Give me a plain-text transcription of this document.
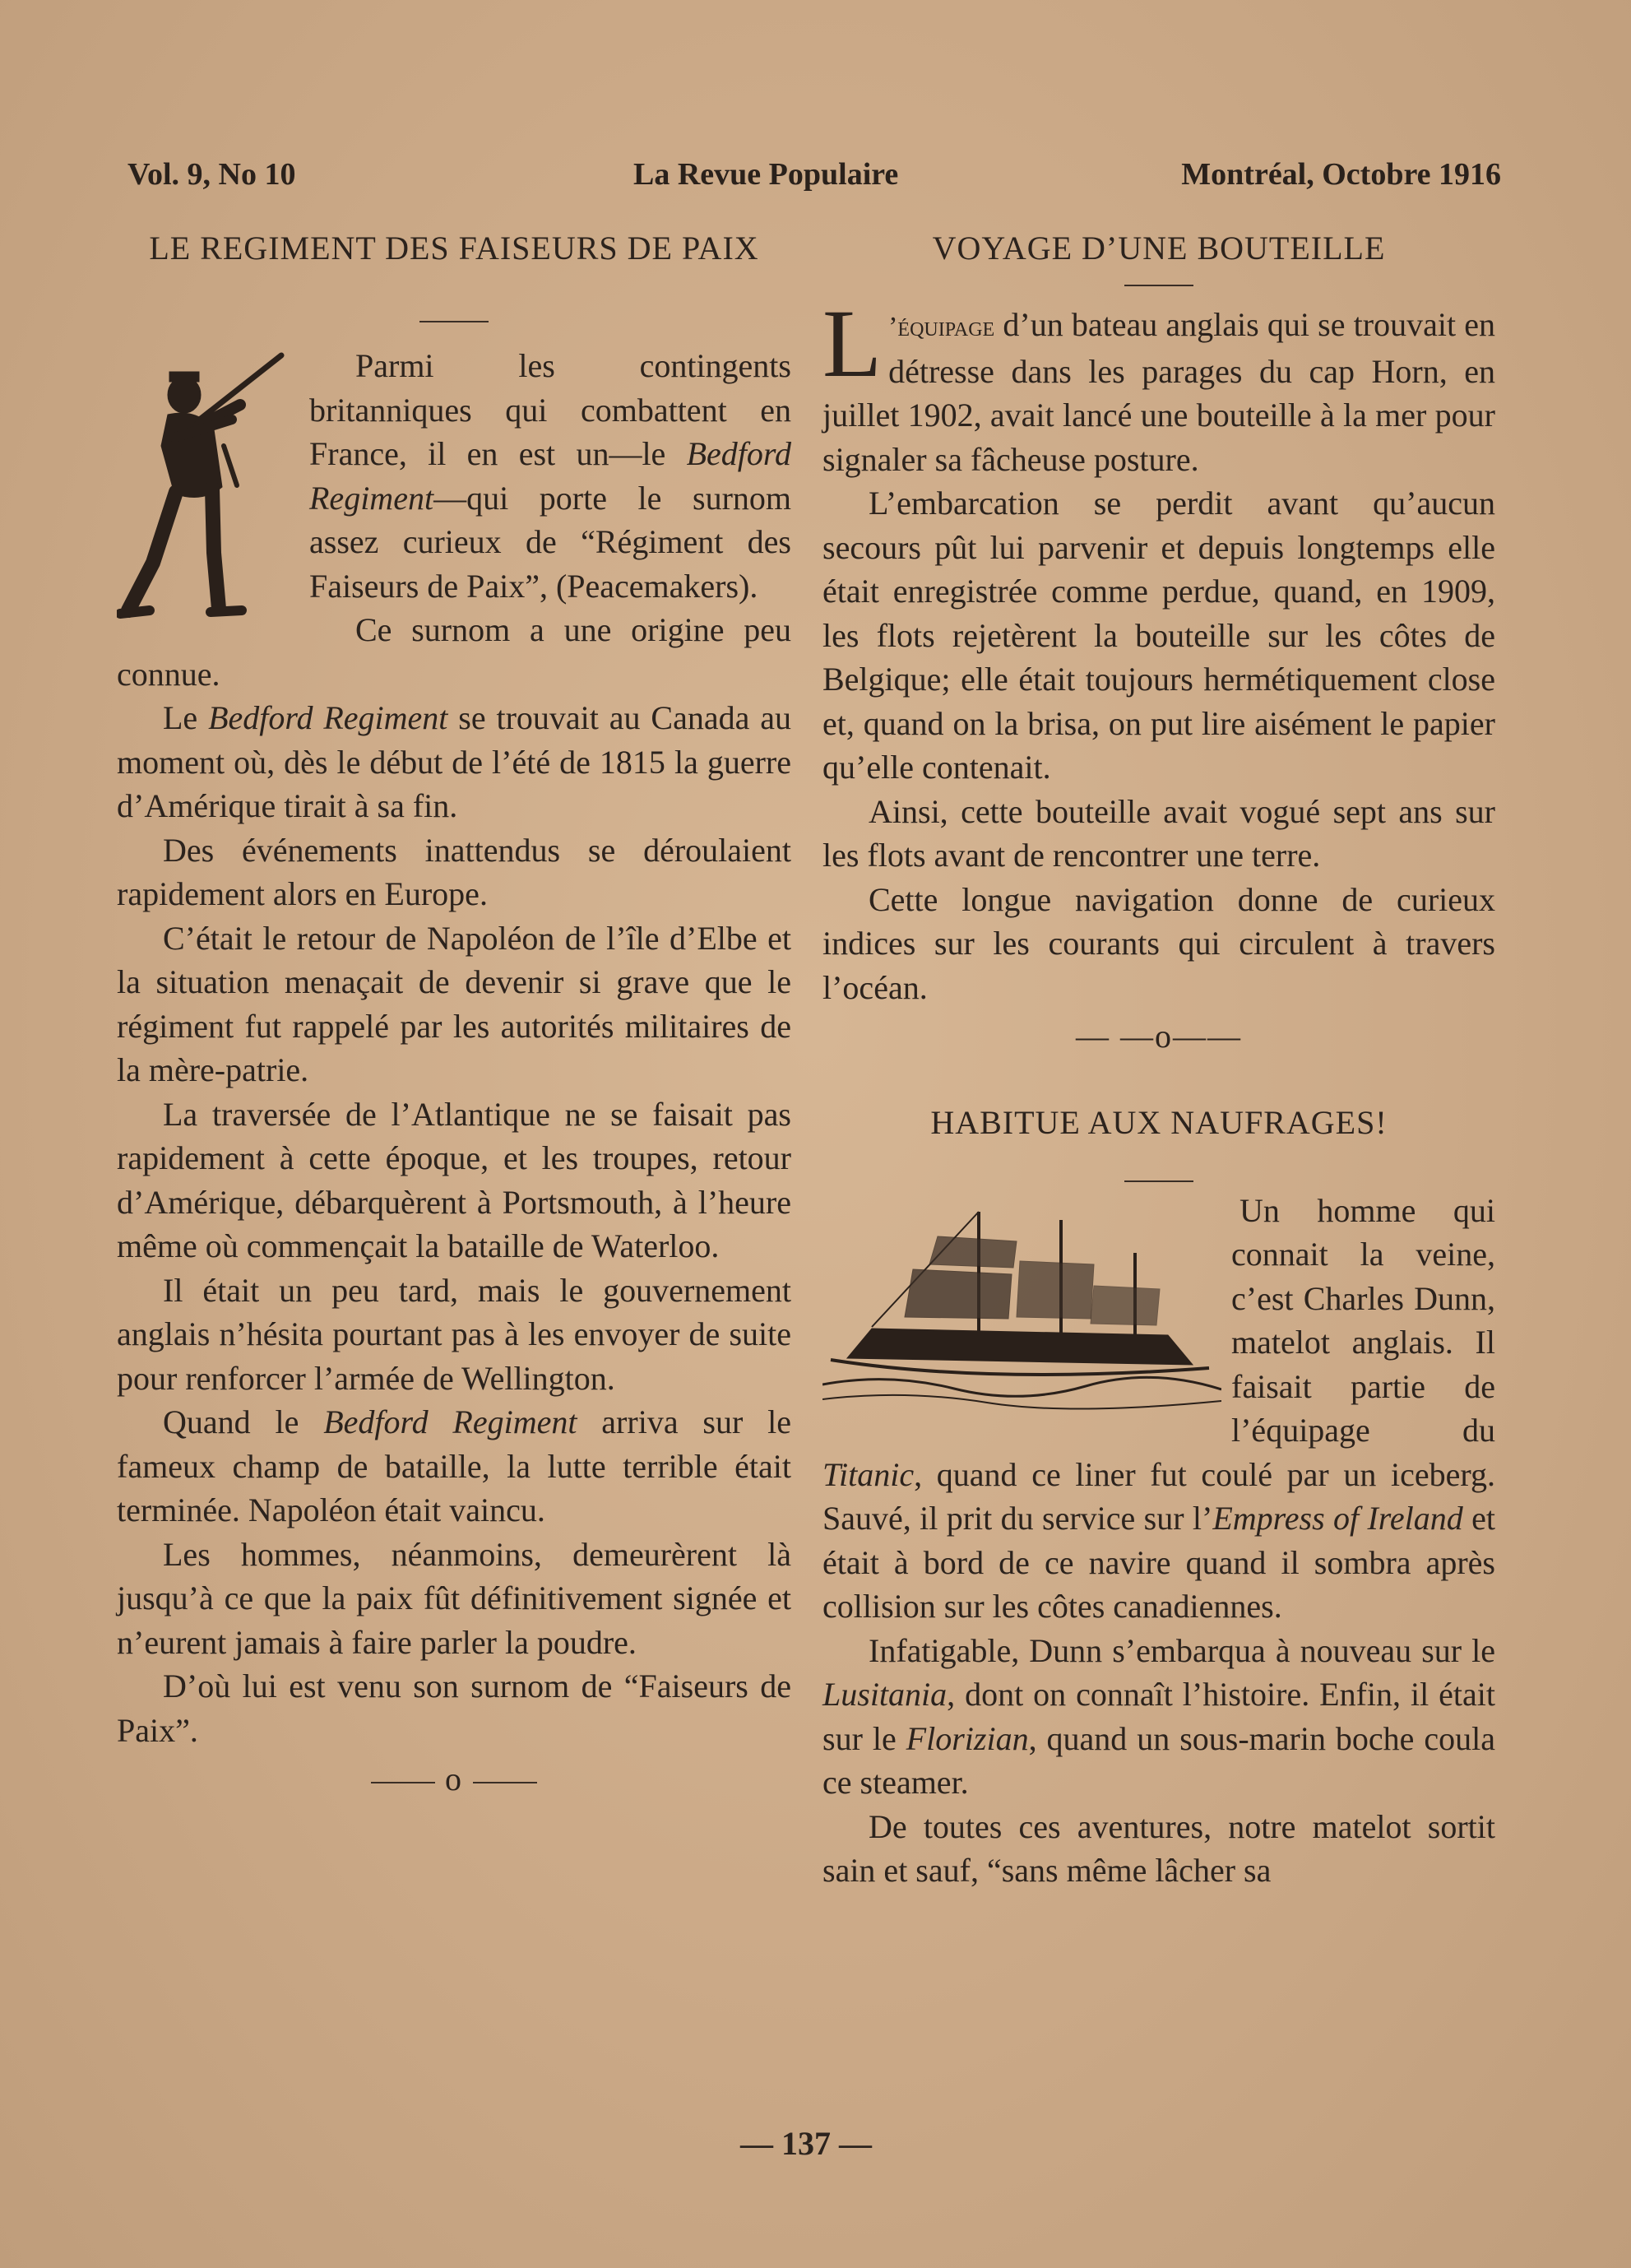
Vol. 9, No 10	La Revue Populaire	Montréal, Octobre 1916
LE REGIMENT DES FAISEURS DE PAIX

Parmi les contingents britanniques qui combattent en France, il en est un—le Bedford Regiment—qui porte le surnom assez curieux de “Régiment des Faiseurs de Paix”, (Peacemakers).

Ce surnom a une origine peu connue.

Le Bedford Regiment se trouvait au Canada au moment où, dès le début de l’été de 1815 la guerre d’Amérique tirait à sa fin.

Des événements inattendus se déroulaient rapidement alors en Europe.

C’était le retour de Napoléon de l’île d’Elbe et la situation menaçait de devenir si grave que le régiment fut rappelé par les autorités militaires de la mère-patrie.

La traversée de l’Atlantique ne se faisait pas rapidement à cette époque, et les troupes, retour d’Amérique, débarquèrent à Portsmouth, à l’heure même où commençait la bataille de Waterloo.

Il était un peu tard, mais le gouvernement anglais n’hésita pourtant pas à les envoyer de suite pour renforcer l’armée de Wellington.

Quand le Bedford Regiment arriva sur le fameux champ de bataille, la lutte terrible était terminée. Napoléon était vaincu.

Les hommes, néanmoins, demeurèrent là jusqu’à ce que la paix fût définitivement signée et n’eurent jamais à faire parler la poudre.

D’où lui est venu son surnom de “Faiseurs de Paix”.

o
VOYAGE D’UNE BOUTEILLE

L ’équipage d’un bateau anglais qui se trouvait en détresse dans les parages du cap Horn, en juillet 1902, avait lancé une bouteille à la mer pour signaler sa fâcheuse posture.

L’embarcation se perdit avant qu’aucun secours pût lui parvenir et depuis longtemps elle était enregistrée comme perdue, quand, en 1909, les flots rejetèrent la bouteille sur les côtes de Belgique; elle était toujours hermétiquement close et, quand on la brisa, on put lire aisément le papier qu’elle contenait.

Ainsi, cette bouteille avait vogué sept ans sur les flots avant de rencontrer une terre.

Cette longue navigation donne de curieux indices sur les courants qui circulent à travers l’océan.

— —o——
HABITUE AUX NAUFRAGES!

Un homme qui connait la veine, c’est Charles Dunn, matelot anglais. Il faisait partie de l’équipage du Titanic, quand ce liner fut coulé par un iceberg. Sauvé, il prit du service sur l’Empress of Ireland et était à bord de ce navire quand il sombra après collision sur les côtes canadiennes.

Infatigable, Dunn s’embarqua à nouveau sur le Lusitania, dont on connaît l’histoire. Enfin, il était sur le Florizian, quand un sous-marin boche coula ce steamer.

De toutes ces aventures, notre matelot sortit sain et sauf, “sans même lâcher sa

— 137 —
